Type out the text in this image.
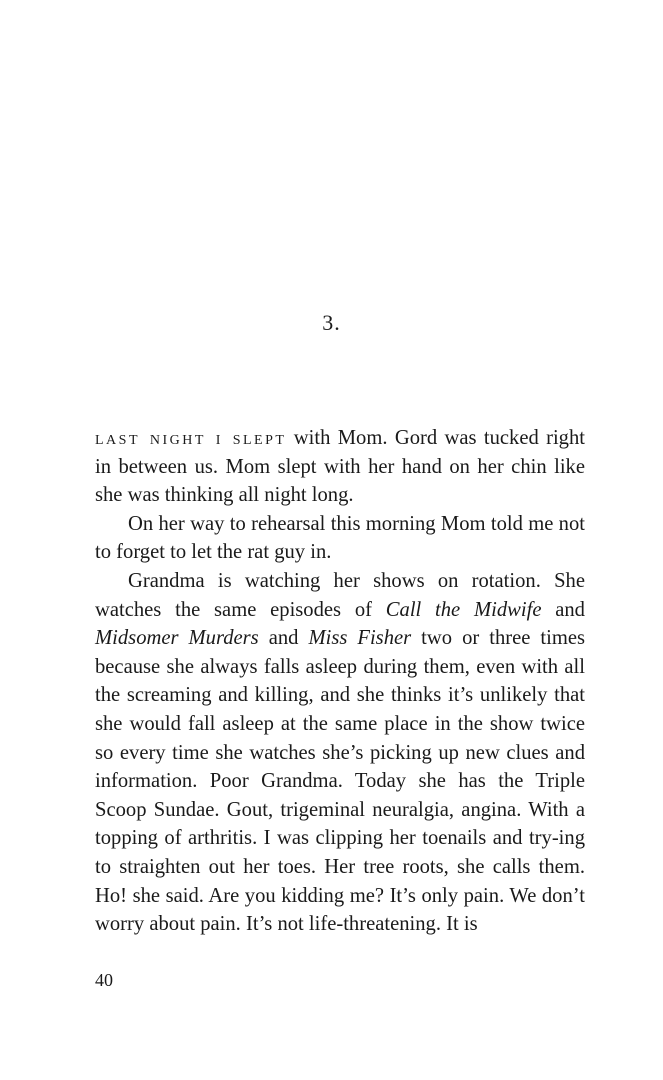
3.

last night i slept with Mom. Gord was tucked right in between us. Mom slept with her hand on her chin like she was thinking all night long.

On her way to rehearsal this morning Mom told me not to forget to let the rat guy in.

Grandma is watching her shows on rotation. She watches the same episodes of Call the Midwife and Midsomer Murders and Miss Fisher two or three times because she always falls asleep during them, even with all the screaming and killing, and she thinks it’s unlikely that she would fall asleep at the same place in the show twice so every time she watches she’s picking up new clues and information. Poor Grandma. Today she has the Triple Scoop Sundae. Gout, trigeminal neuralgia, angina. With a topping of arthritis. I was clipping her toenails and try-ing to straighten out her toes. Her tree roots, she calls them. Ho! she said. Are you kidding me? It’s only pain. We don’t worry about pain. It’s not life-threatening. It is

40
